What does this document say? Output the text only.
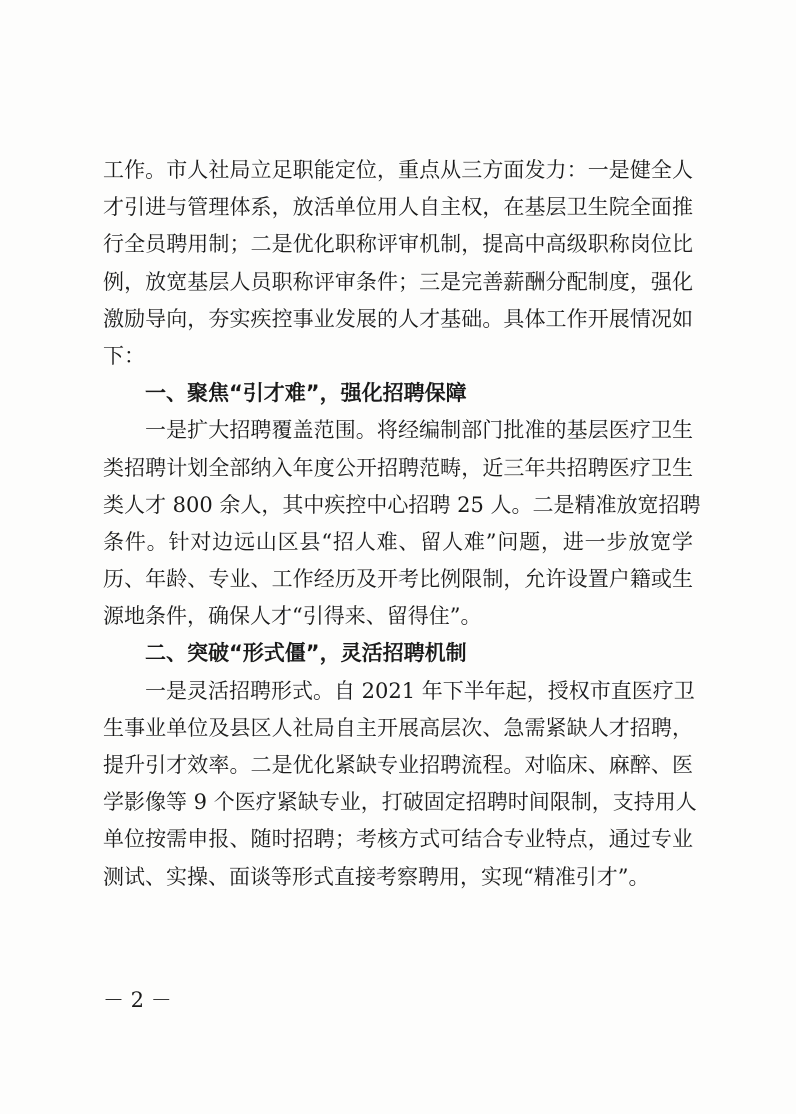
工作。市人社局立足职能定位，重点从三方面发力：一是健全人
才引进与管理体系，放活单位用人自主权，在基层卫生院全面推
行全员聘用制；二是优化职称评审机制，提高中高级职称岗位比
例，放宽基层人员职称评审条件；三是完善薪酬分配制度，强化
激励导向，夯实疾控事业发展的人才基础。具体工作开展情况如
下：
一、聚焦“引才难”，强化招聘保障
一是扩大招聘覆盖范围。将经编制部门批准的基层医疗卫生
类招聘计划全部纳入年度公开招聘范畴，近三年共招聘医疗卫生
类人才 800 余人，其中疾控中心招聘 25 人。二是精准放宽招聘
条件。针对边远山区县“招人难、留人难”问题，进一步放宽学
历、年龄、专业、工作经历及开考比例限制，允许设置户籍或生
源地条件，确保人才“引得来、留得住”。
二、突破“形式僵”，灵活招聘机制
一是灵活招聘形式。自 2021 年下半年起，授权市直医疗卫
生事业单位及县区人社局自主开展高层次、急需紧缺人才招聘，
提升引才效率。二是优化紧缺专业招聘流程。对临床、麻醉、医
学影像等 9 个医疗紧缺专业，打破固定招聘时间限制，支持用人
单位按需申报、随时招聘；考核方式可结合专业特点，通过专业
测试、实操、面谈等形式直接考察聘用，实现“精准引才”。
－ 2 －
